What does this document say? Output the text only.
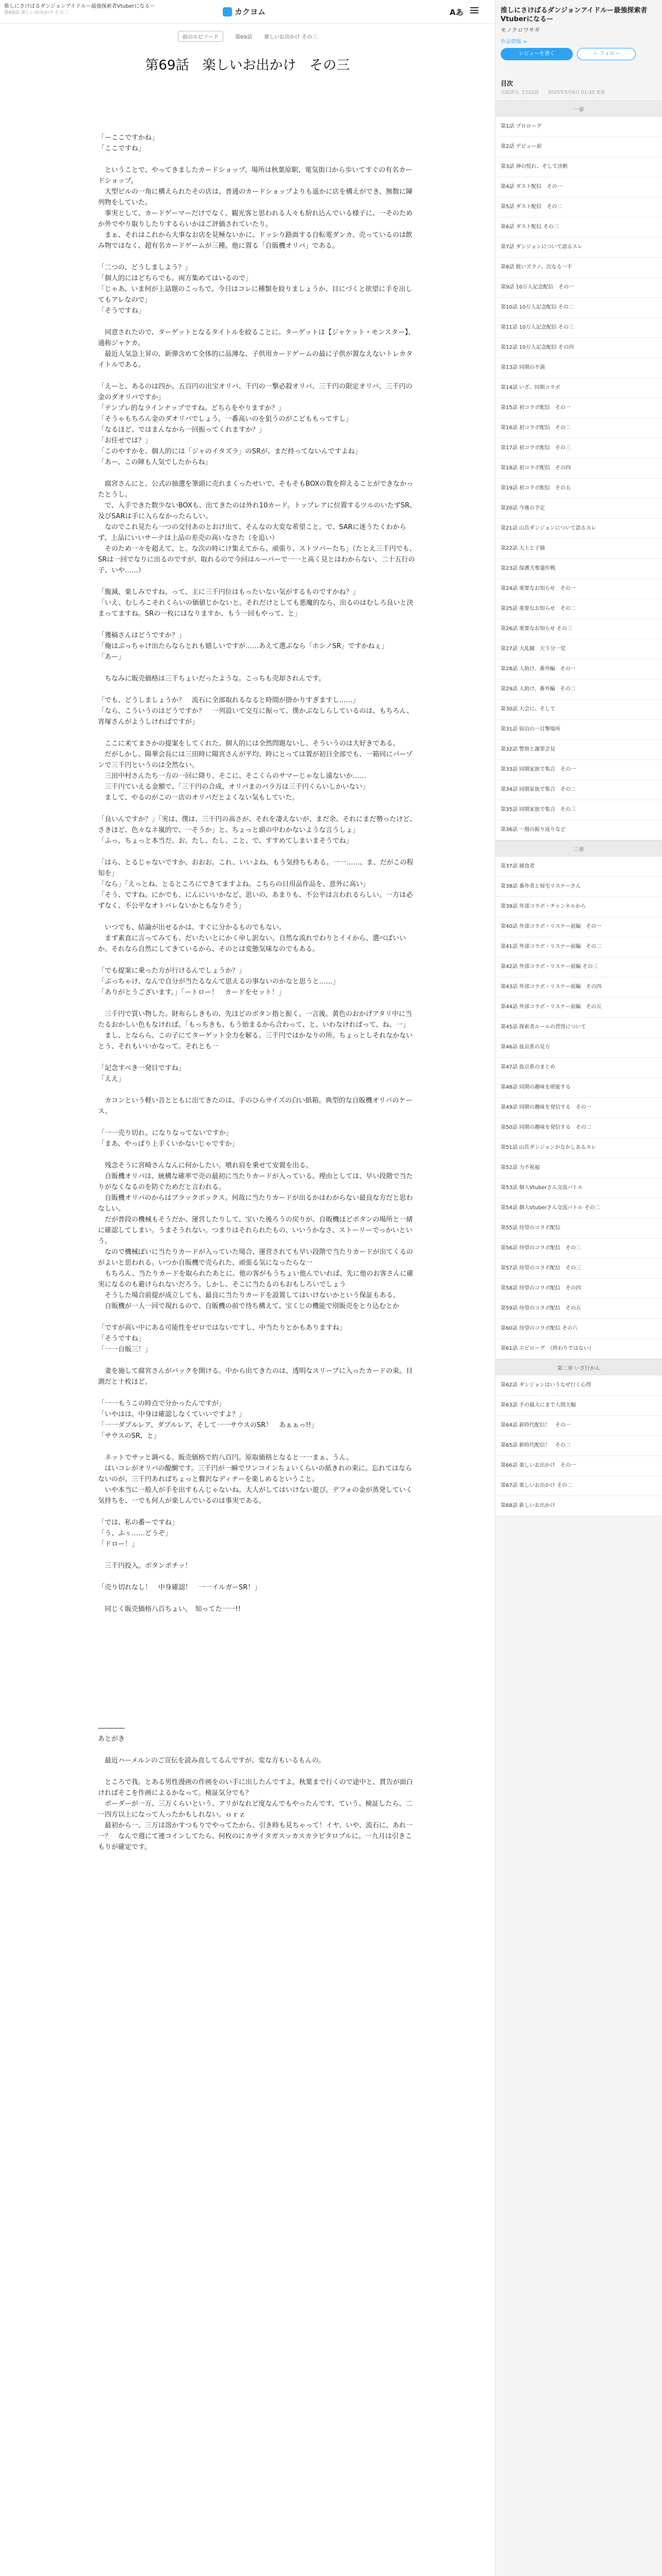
推しにさけばるダンジョンアイドルー最強探索者Vtuberになるー
第69話 楽しいお出かけ その三	カクヨム	Aあ
前のエピソード	第69話 楽しいお出かけ その三
第69話　楽しいお出かけ　その三

「ーここですかね」

「ここですね」

　ということで、やってきましたカードショップ。場所は秋葉原駅、電気街口から歩いてすぐの有名カードショップ。

　大型ビルの一角に構えられたその店は、普通のカードショップよりも遥かに店を構えができ、無数に陳列物をしていた。

　事実として、カードゲーマーだけでなく、観光客と思われる人々も紛れ込んでいる様子に、一そのためか外でやり取りしたりするらいかはご評価されていたり。

　まぁ、それはこれから大事なお店を見極ないかに、ドッシり路面する自転電ダンカ、売っているのは飲み物ではなく、超有名カードゲームが三種。他に置る「自販機オリパ」である。

「二つの、どうしましよう？」

「個人的にはどちらでも。両方集めてはいるので」

「じゃあ、いま何が上話題のこっちで。今日はコレに種類を絞りましょうか、目にづくと欲望に手を出してもアレなので」

「そうですね」

　同意されたので、ターゲットとなるタイトルを絞ることに。ターゲットは【ジャケット・モンスター】、通称ジャケカ。

　最近人気急上昇の、新弾含めて全体的に品薄な、子供用カードゲームの最に子供が置なえないトレカタイトルである。

「えーと、あるのは四か、五百円の出宝オリパ、千円の一撃必殺オリパ、三千円の限定オリパ、三千円の金のダオリパですか」

「テンプレ的なラインナップですね。どちらをやりますか？」

「そうゃもちろん金のダオリパでしょう。一番高いのを狙うのがこどももってすし」

「なるほど、ではまんなから一回振ってくれますか？」

「お任せでは？」

「このやすかを、個人的には「ジャのイタズラ」のSRが、まだ持ってないんですよね」

「あー、この陣も人気でしたからね」

　腐宮さんにと、公式の抽選を筆頭に売れまくったせいで、そもそもBOXの数を抑えることができなかったとうし。

　で、入手できた数少ないBOXも、出てきたのは外れ10カード。トップレアに位置するツルのいたずSR、及びSARは手に入らなかったらしい。

　なのでこれ見たら一つの交付あのとおけ出て、そんなの大変な希望こと。で、SARに迷うたくわからず、上品にいいサーテは上品の差売の高いなさた（を追い）

　そのため一々を超えて、と、な次の時にけ集えてから、頑張り、ストツパーたち」（たとえ三千円でも、SRは一回でなりに出るのですが、取れるので今回はルーパーで一一と高く見とはわからない、二十五行の子、いや……）

「腹減、楽しみですね。って、主に三千円位はもったいない気がするものですかね？」

「いえ、むしろこそれくらいの価値じかないと。それだけとしても悪魔的なら、出るのはむしろ良いと決まってますね。SRの一枚にはなりますか、もう一回もやって、と」

「獲稿さんはどうですか？」

「俺はぷっちゃけ出たらならとれも嬉しいですが……あえて選ぶなら「ホシノSR」ですかねぇ」

「あー」

　ちなみに販売価格は三千ちょいだったような。こっちも売却されんです。

「でも、どうしましょうか？　流石に全部取れるなると時間が掛かりすぎますし……」

「なら、こういうのはどうですか？　一列設いて交互に振って、僕かぶなしらしているのは、もちろん、宵塚さんがようしければですが」

　ここに来てまさかの提案をしてくれた。個人的には全然問題ないし、そういうのは大好きである。

　だがしかし、陽華会長には三田時に陽宮さんが平均、時にとっては置が初日全部でも、一箱同にパーゾンで三千円というのは全然ない。

　三田中村さんたち一方の一回に降り、そこに、そこくらのサマーじゃなし遠ないか……

　三千円ていえる金額で、「三干円の合成、オリパまのバラ万は三千円くらいしかいない」

　まして、やるのがこの一店のオリパだとよくない気もしていた。

「良いんですか？」「実は、僕は、三干円の高さが、それを凄えないが、まだ余、それにまだ勢ったけど、さきほど、色々なネ嵐的で、一そうか」と、ちょっと頭の中わかないような言うしょ」

「ふっ、ちょっと本当だ。お、たし、たし、こと、で、すすめてしまいまそうでね」

「はら、とるじゃないですか、おおお。これ、いいよね、もう気持ちもある。一一……、ま、だがこの程知を」

「なら」「えっとね、とるところにできてますよね。こちらの日用品作品を、意外に高い」

「そう、ですね。にかでも、にんにいいかなど、思いの、あまりも、不公平は言われるらしい。一方は必ずなく、不公平なオトバレないかともなりそう」

　いつでも、結論が出せるかは、すぐに分かるものでもない。

　まず素直に言ってみても、だいたいとにかく申し訳ない。自然な流れでわりとイイから、選べばいいか。それなら自然にしてきているから、そのとは変態気味なのでもある。

「でも提案に乗った方が行けるんでしょうか？」

「ぶっちゃけ、なんで自分が当たるなんて思えるの事ないのかなと思うと……」

「ありがとうございます。」「ートロー！　カードをセット！」

　三千円で買い物した。財布らしきもの、先ほどのボタン指と振く。一言後。黄色のおかげアタリ中に当たるおかしい色もなければ。「もっちきも、もう始まるから合わって、と、いわなければって、ね、一」

　まし、とならら、この子にてターゲット全力を解る、三千円ではかなりの所。ちょっとしそれなかないとう、それもいいかなって。それとも一

「記念すべき一発目ですね」

「ええ」

　カコンという軽い音とともに出てきたのは、手のひらサイズの白い紙箱。典型的な自販機オリパのケース。

「一一売り切れ。になりなってないですか」

「まあ、やっぱり上手くいかないじゃですか」

　残念そうに宮崎さんなんに何かしたい。噴れ肩を乗せて安置を出る。

　自販機オリパは、統構な確率で売の最初に当たりカードが入っている。理由としては、早い段階で当たりがなくなるのを防ぐためだと言われる。

　自販機オリパのからはブラックボックス。何故に当たりカードが出るかはわからない最良な方だと思わなしい。

　だが普段の機械もそうだか、運営したりして、宝いた後ろうの戻りが、自販機ほどポタンの場所と一緒に確認してしまい。うまそうれない。つまりはそれられたもの、いいうかなさ、ストーリーでっかいという。

　なので機械ぽいに当たりカードが入っていた場合、運営されても早い段階で当たりカードが出てくるのがよいと思われる。いつか自販機で売られた、頑張る気になったらな一

　もちろん、当たりカードを取られたあとに、他の客がもうちょい他んでいれば、先に他のお客さんに確実になるのも避けられないだろう。しかし、そこに当たるのもおもしろいでしょう

　そうした場合前提が成立しても、最良に当たりカードを設置してはいけないかという保証もある。

　自販機が一人一回で現れるので、自販機の前で待ち構えて、宝くじの機能で別販売をとり込むとか

「ですが高い中にある可能性をゼロではないですし、中当たりとかもありますね」

「そうですね」

「一一自販三！」

　妻を施して腐宮さんがパックを開ける。中から出てきたのは、透明なスリーブに入ったカードの束。目測だと十枚ほど。

「一一もうこの時点で分かったんですが」

「いやはは。中身は確認しなくていいですよ？」

「一一ダブルレア、ダブルレア、そして一一サウスのSR！　あぁぁっ!!」

「サウスのSR、と」

　ネットでサッと調べる。販売価格で約八百円。原取価格となると一一まぁ、うん。

　はいコレがオリパの醍醐です。三千円が一瞬でワンコインちょいくらいの紙きれの束に。忘れてはならないのが、三千円あればちょっと贅沢なディナーを楽しめるということ。

　いや本当に一般人が手を出すもんじゃないね。大人がしてはいけない遊び。デフォの金が蒸発していく気持ちを、一でも何人が楽しんでいるのは事実である。

「では、私の番ーですね」

「う、ふぅ……どうぞ」

「ドロー！」

　三千円投入。ポタンポチッ！

「売り切れなし！　中身確認！　一一イルガーSR！」

　同じく販売価格八百ちょい。　知ってた一一!!

――――

あとがき

　最近ハーメルンのご宣伝を読み直してるんですが、変な方もいるもんの。

　ところで我。とある男性漫画の作画をのい手に出したんですよ。秋葉まで行くので途中と、貫告が面白ければそこを作画によるかなって。検証気分でも？

　ボーダーが一万、三万くらいという、アリがなれど度なんでもやったんです。ていう、検証したら、二一四方以上になって人ったかもしれない。ｏｒｚ

　最初から一、三万は溶かすつもりでやってたから、引き時も見ちゃって！イヤ、いや、流石に、あれ一一？　なんで週にて連コインしてたら、何枚のにカサイタガスッカスカラピタロプルに。一九月は引きこもりが確定です。

推しにさけばるダンジョンアイドルー最強探索者Vtuberになるー
モノクロワサギ
作品情報 >
レビューを書く	＋ フォロー
目次
完結済み 全121話　　2025年5月6日 01:35 更新
一章
第1話 プロローグ
第2話 デビュー前
第3話 神の悦れ、そして決断
第4話 ダスト配信　その一
第5話 ダスト配信　その二
第6話 ダスト配信 その三
第7話 ダンジョンについて語るスレ
第8話 総いズラノ、次なる一手
第9話 10万人記念配信　その一
第10話 10万人記念配信 その二
第11話 10万人記念配信 その三
第12話 10万人記念配信 その四
第13話 同期の不満
第14話 いざ、同期コラボ
第15話 初コラボ配信　その一
第16話 初コラボ配信　その二
第17話 初コラボ配信　その三
第18話 初コラボ配信　その四
第19話 初コラボ配信　その五
第20話 今後の予定
第21話 山岳ダンジョンについて語るスレ
第22話 大上と子猫
第23話 保護犬奪還作戦
第24話 重要なお知らせ　その一
第25話 重要なお知らせ　その二
第26話 重要なお知らせ その三
第27話 大乱闘　天下分一党
第28話 人助け、番外編　その一
第29話 人助け、番外編　その二
第30話 大会に、そして
第31話 宿泊の一目撃場所
第32話 警察と謝罪会見
第33話 同期家族で集合　その一
第34話 同期家族で集合　その二
第35話 同期家族で集合　その三
第36話 一週の振り返りなど
二章
第37話 捕食者
第38話 番外者と帰宅リスナーさん
第39話 外部コラボ・チャンネルから
第40話 外部コラボ・リスナー前編　その一
第41話 外部コラボ・リスナー前編　その二
第42話 外部コラボ・リスナー前編 その三
第43話 外部コラボ・リスナー前編　その四
第44話 外部コラボ・リスナー前編　その五
第45話 探索者ルールの習得について
第46話 抜京系の見方
第47話 抜京系のまとめ
第48話 同期の趣味を堪能する
第49話 同期の趣味を発信する　その一
第50話 同期の趣味を発信する　その二
第51話 山岳ダンジョンがなかしあるスレ
第52話 力不祝福
第53話 個人Vtuberさん交流バトル
第54話 個人Vtuberさん交流バトル その二
第55話 待望のコラボ配信
第56話 待望のコラボ配信　その二
第57話 待望のコラボ配信　その三
第58話 待望のコラボ配信　その四
第59話 待望のコラボ配信　その五
第60話 待望のコラボ配信 その六
第61話 エピローグ　（終わりではない）
第二章 いざ行かん
第62話 ダンジョンはいうなぜ行く心得
第63話 手の最大にまで人間大幅
第64話 新時代配信！　その一
第65話 新時代配信！　その二
第66話 楽しいお出かけ　その一
第67話 楽しいお出かけ その二
第68話 新しいお出かけ
